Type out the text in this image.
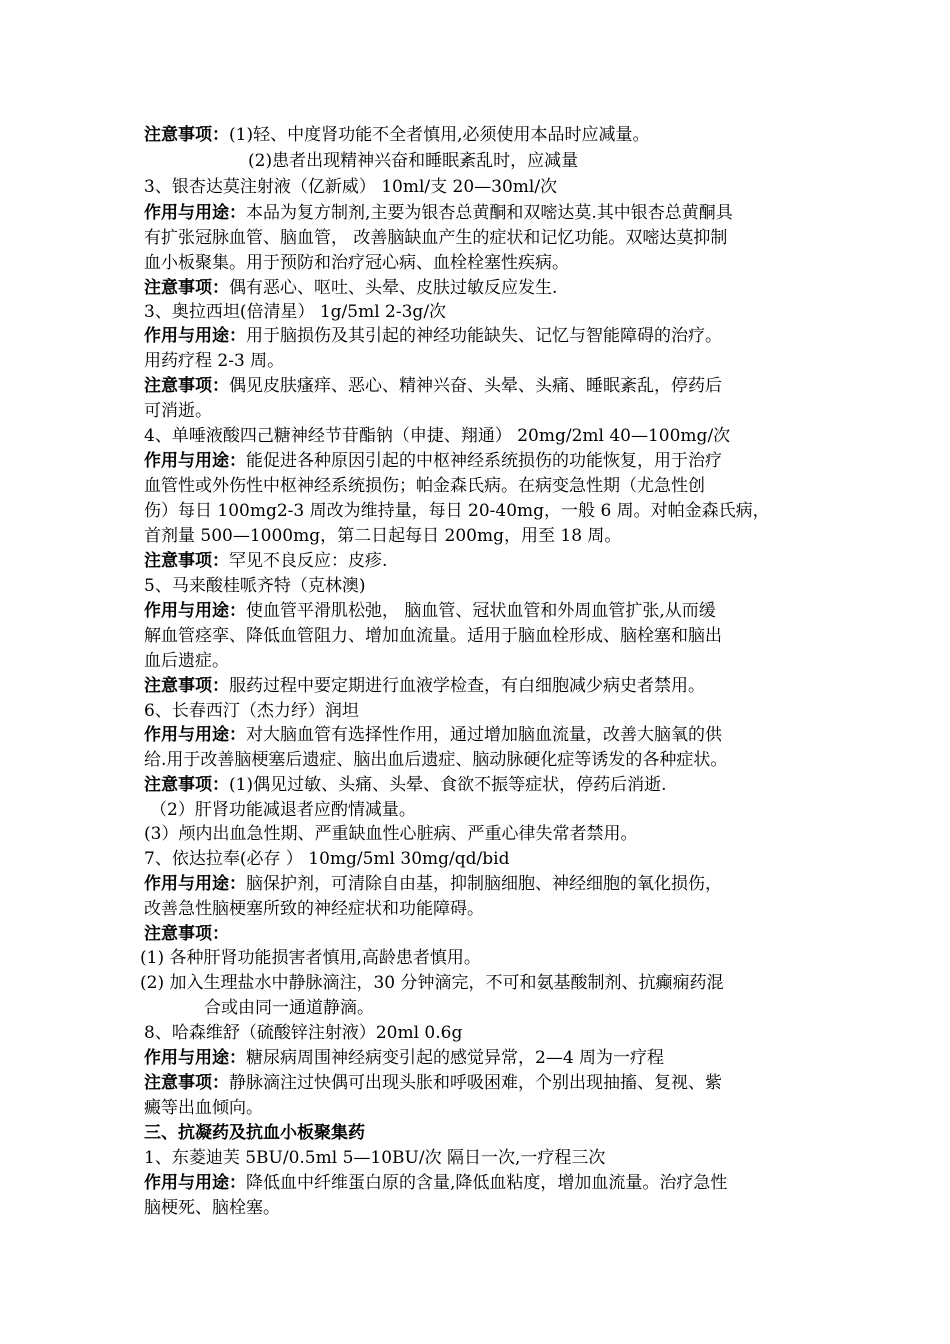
注意事项：(1)轻、中度肾功能不全者慎用,必须使用本品时应减量。
(2)患者出现精神兴奋和睡眠紊乱时，应减量
3、银杏达莫注射液（亿新威） 10ml/支 20—30ml/次
作用与用途：本品为复方制剂,主要为银杏总黄酮和双嘧达莫.其中银杏总黄酮具
有扩张冠脉血管、脑血管， 改善脑缺血产生的症状和记忆功能。双嘧达莫抑制
血小板聚集。用于预防和治疗冠心病、血栓栓塞性疾病。
注意事项：偶有恶心、呕吐、头晕、皮肤过敏反应发生.
3、奥拉西坦(倍清星） 1g/5ml 2-3g/次
作用与用途：用于脑损伤及其引起的神经功能缺失、记忆与智能障碍的治疗。
用药疗程 2-3 周。
注意事项：偶见皮肤瘙痒、恶心、精神兴奋、头晕、头痛、睡眠紊乱，停药后
可消逝。
4、单唾液酸四己糖神经节苷酯钠（申捷、翔通） 20mg/2ml 40—100mg/次
作用与用途：能促进各种原因引起的中枢神经系统损伤的功能恢复，用于治疗
血管性或外伤性中枢神经系统损伤；帕金森氏病。在病变急性期（尤急性创
伤）每日 100mg2-3 周改为维持量，每日 20-40mg，一般 6 周。对帕金森氏病，
首剂量 500—1000mg，第二日起每日 200mg，用至 18 周。
注意事项：罕见不良反应：皮疹.
5、马来酸桂哌齐特（克林澳)
作用与用途：使血管平滑肌松弛， 脑血管、冠状血管和外周血管扩张,从而缓
解血管痉挛、降低血管阻力、增加血流量。适用于脑血栓形成、脑栓塞和脑出
血后遗症。
注意事项：服药过程中要定期进行血液学检查，有白细胞减少病史者禁用。
6、长春西汀（杰力纾）润坦
作用与用途：对大脑血管有选择性作用，通过增加脑血流量，改善大脑氧的供
给.用于改善脑梗塞后遗症、脑出血后遗症、脑动脉硬化症等诱发的各种症状。
注意事项：(1)偶见过敏、头痛、头晕、食欲不振等症状，停药后消逝.
（2）肝肾功能减退者应酌情减量。
(3）颅内出血急性期、严重缺血性心脏病、严重心律失常者禁用。
7、依达拉奉(必存 ） 10mg/5ml 30mg/qd/bid
作用与用途：脑保护剂，可清除自由基，抑制脑细胞、神经细胞的氧化损伤，
改善急性脑梗塞所致的神经症状和功能障碍。
注意事项：
(1) 各种肝肾功能损害者慎用,高龄患者慎用。
(2) 加入生理盐水中静脉滴注，30 分钟滴完，不可和氨基酸制剂、抗癫痫药混
合或由同一通道静滴。
8、哈森维舒（硫酸锌注射液）20ml 0.6g
作用与用途：糖尿病周围神经病变引起的感觉异常，2—4 周为一疗程
注意事项：静脉滴注过快偶可出现头胀和呼吸困难，个别出现抽搐、复视、紫
癜等出血倾向。
三、抗凝药及抗血小板聚集药
1、东菱迪芙 5BU/0.5ml 5—10BU/次 隔日一次,一疗程三次
作用与用途：降低血中纤维蛋白原的含量,降低血粘度，增加血流量。治疗急性
脑梗死、脑栓塞。
